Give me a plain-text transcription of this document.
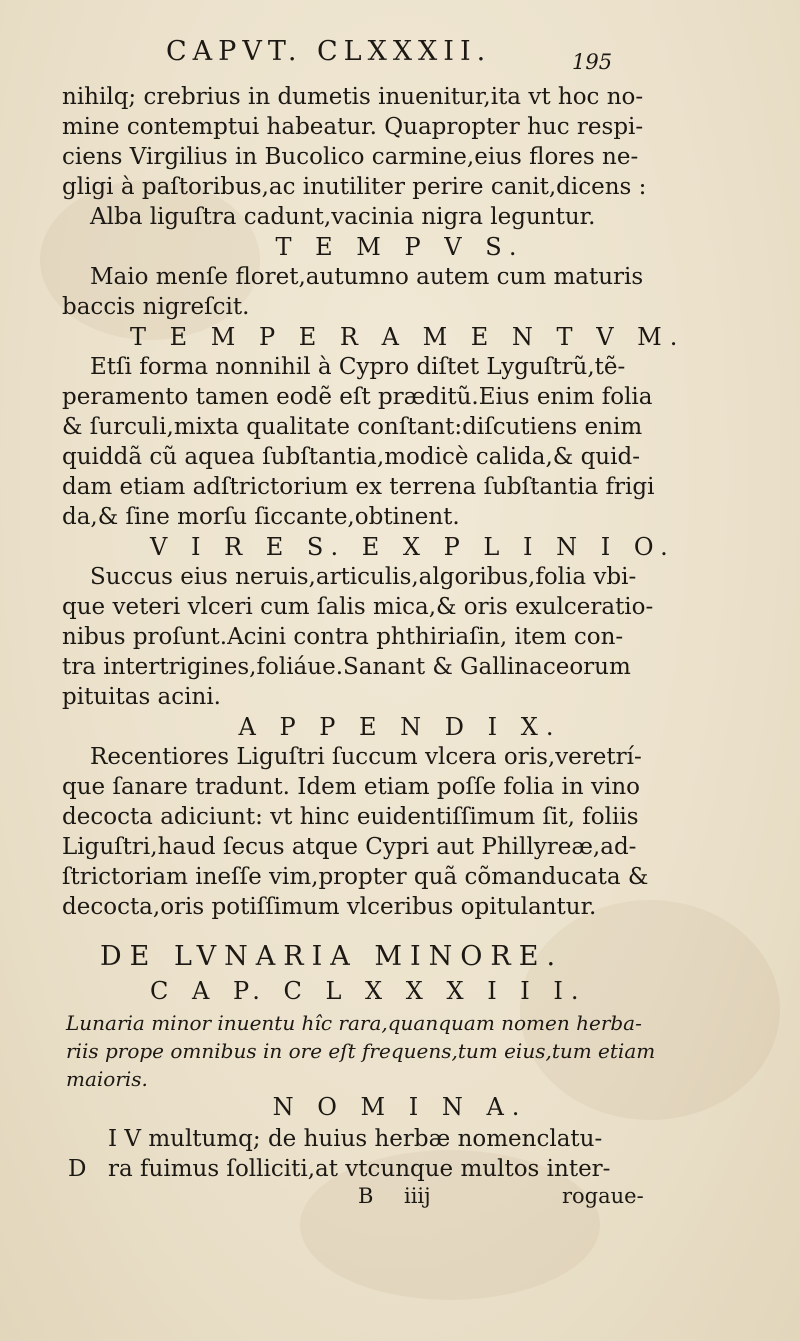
CAPVT. CLXXXII.	195
nihilq; crebrius in dumetis inuenitur,ita vt hoc no-
mine contemptui habeatur. Quapropter huc respi-
ciens Virgilius in Bucolico carmine,eius flores ne-
gligi à paſtoribus,ac inutiliter perire canit,dicens :
Alba liguſtra cadunt,vacinia nigra leguntur.
T E M P V S.
Maio menſe floret,autumno autem cum maturis
baccis nigreſcit.
T E M P E R A M E N T V M.
Etſi forma nonnihil à Cypro diſtet Lyguſtrũ,tẽ-
peramento tamen eodẽ eſt præditũ.Eius enim folia
& ſurculi,mixta qualitate conſtant:diſcutiens enim
quiddã cũ aquea ſubſtantia,modicè calida,& quid-
dam etiam adſtrictorium ex terrena ſubſtantia frigi
da,& ſine morſu ſiccante,obtinent.
V I R E S. E X P L I N I O.
Succus eius neruis,articulis,algoribus,folia vbi-
que veteri vlceri cum ſalis mica,& oris exulceratio-
nibus proſunt.Acini contra phthiriaſin, item con-
tra intertrigines,foliáue.Sanant & Gallinaceorum
pituitas acini.
A P P E N D I X.
Recentiores Liguſtri ſuccum vlcera oris,veretrí-
que ſanare tradunt. Idem etiam poſſe folia in vino
decocta adiciunt: vt hinc euidentiſſimum ſit, foliis
Liguſtri,haud ſecus atque Cypri aut Phillyreæ,ad-
ſtrictoriam ineſſe vim,propter quã cõmanducata &
decocta,oris potiſſimum vlceribus opitulantur.
DE LVNARIA MINORE.
C A P. C L X X X I I I.
Lunaria minor inuentu hîc rara,quanquam nomen herba-
riis prope omnibus in ore eſt frequens,tum eius,tum etiam
maioris.
N O M I N A.
I V multumq; de huius herbæ nomenclatu-
ra fuimus ſolliciti,at vtcunque multos inter-
D
B iiij	rogaue-
